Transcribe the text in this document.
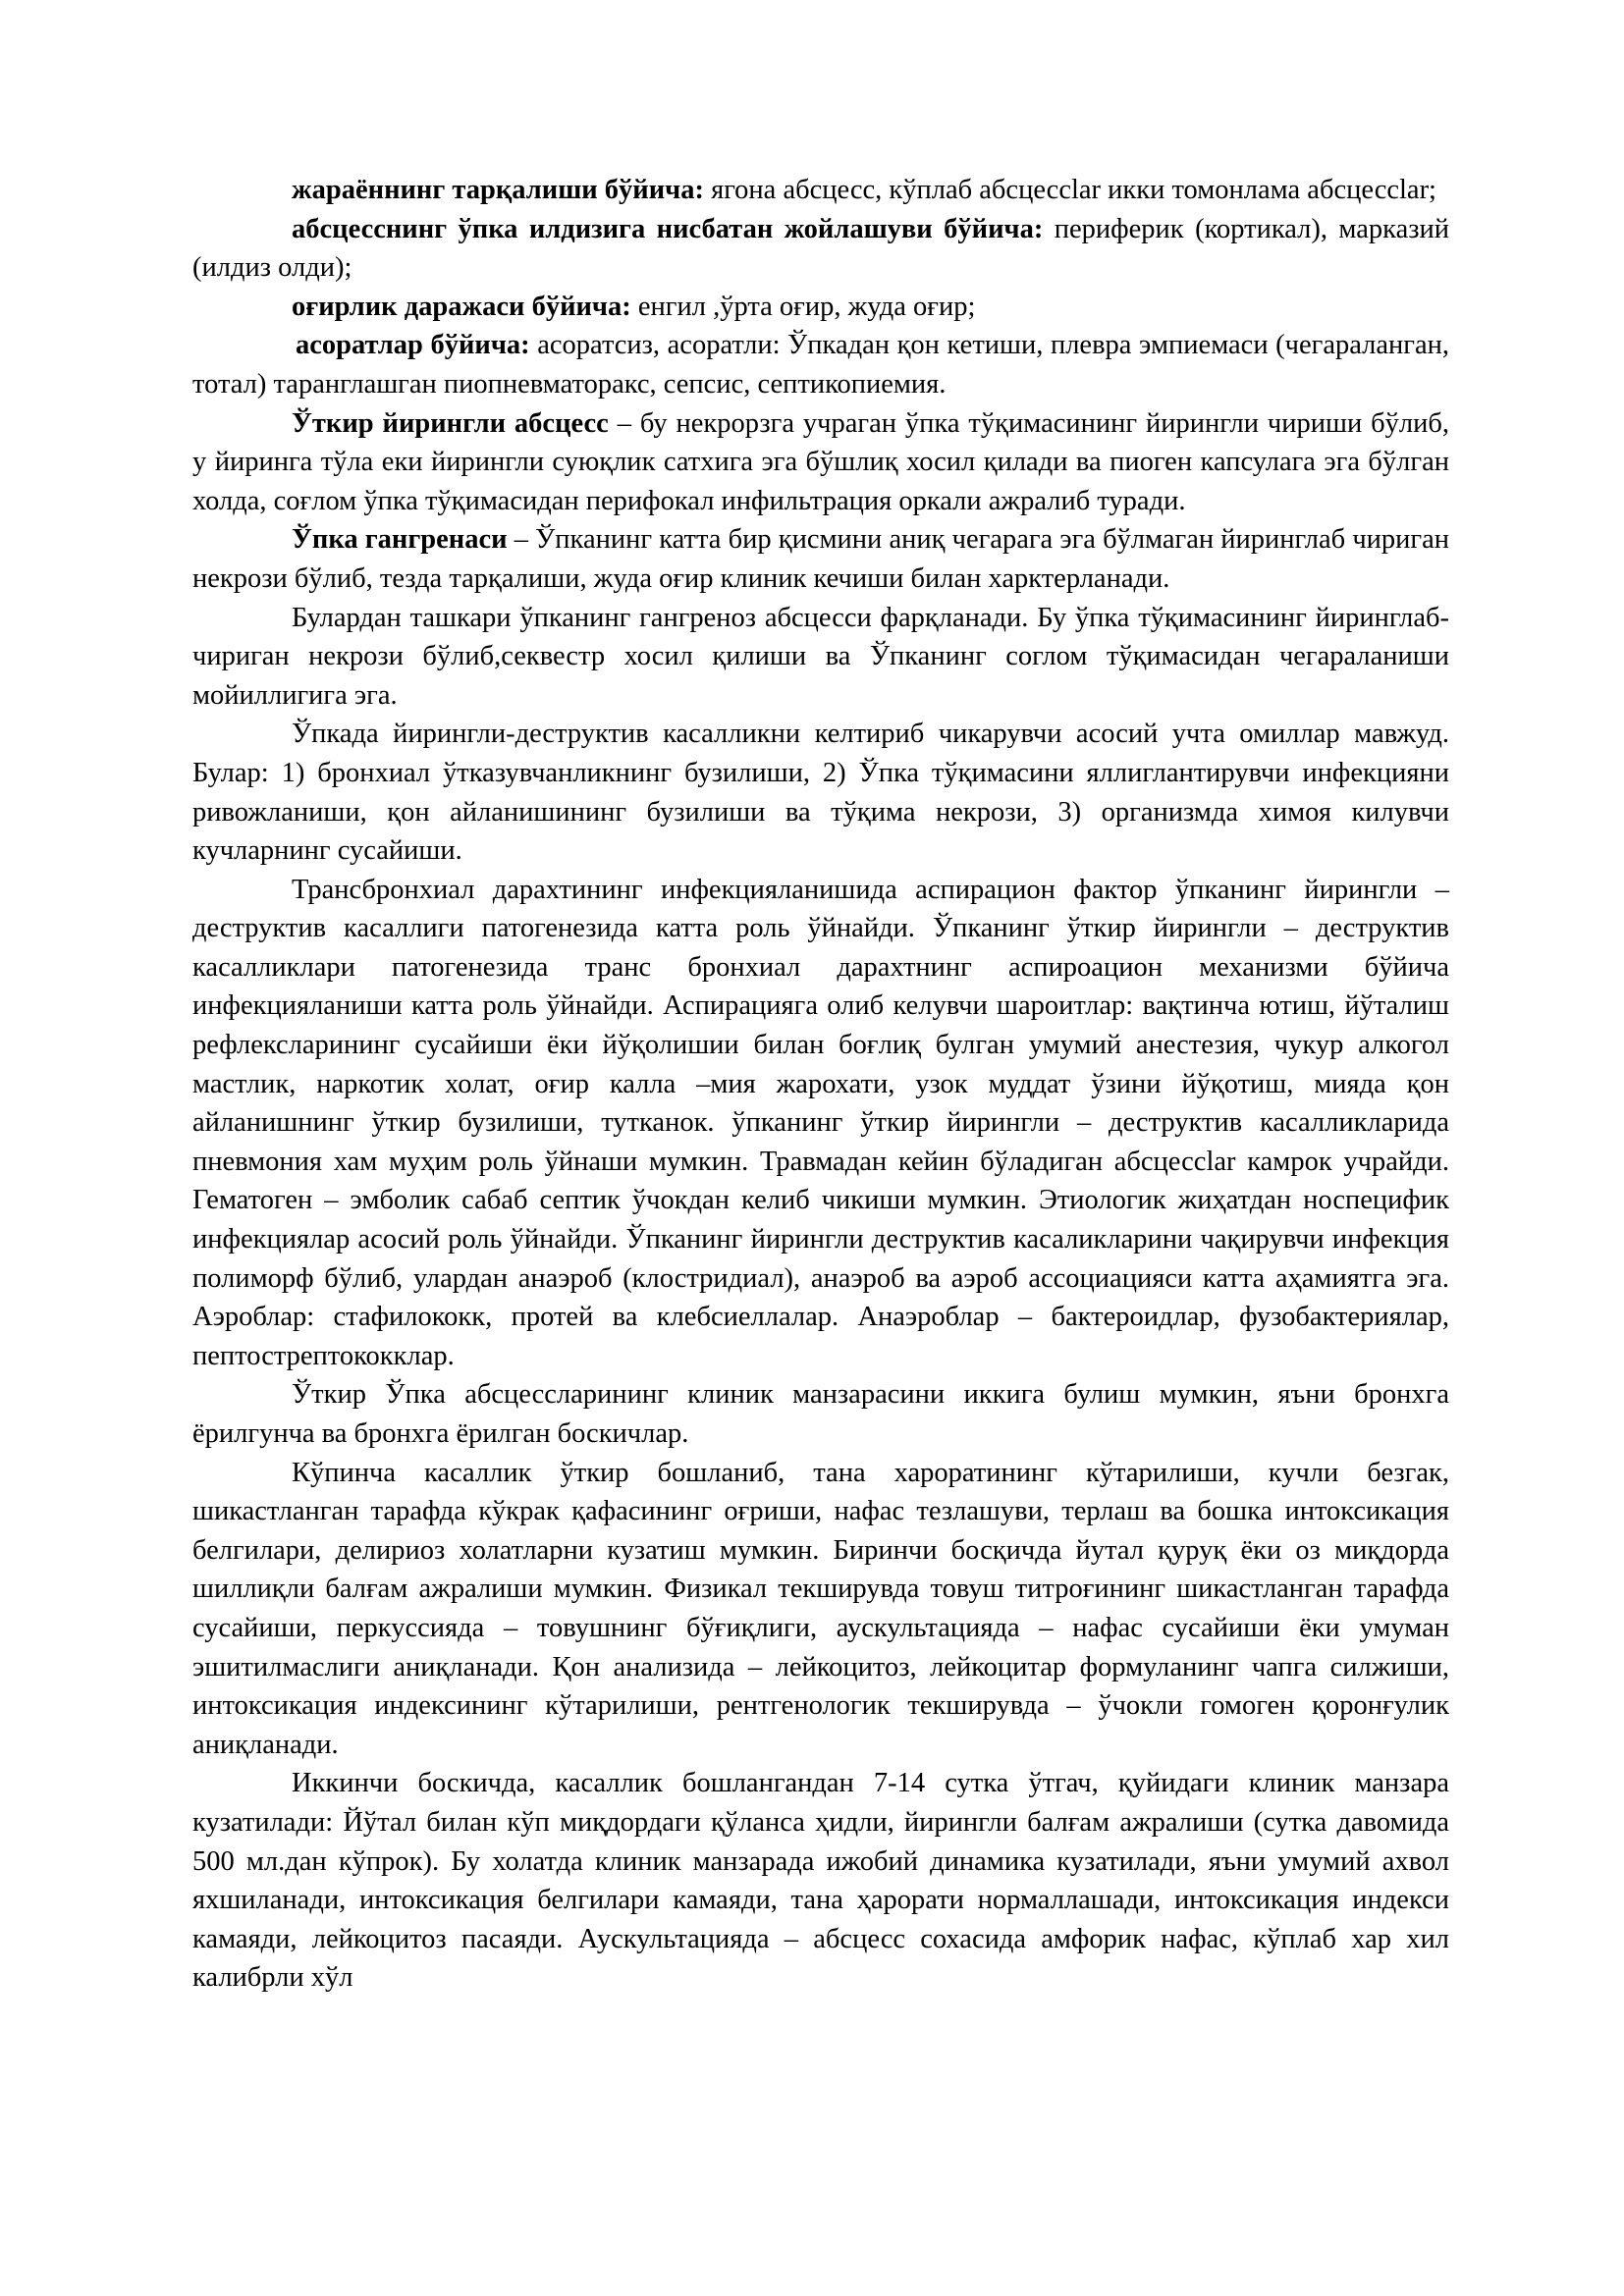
жараённинг тарқалиши бўйича: ягона абсцесс, кўплаб абсцессlar икки томонлама абсцессlar;

абсцесснинг ўпка илдизига нисбатан жойлашуви бўйича: периферик (кортикал), марказий (илдиз олди);

оғирлик даражаси бўйича: енгил ,ўрта оғир, жуда оғир;

асоратлар бўйича: асоратсиз, асоратли: Ўпкадан қон кетиши, плевра эмпиемаси (чегараланган, тотал) таранглашган пиопневматоракс, сепсис, септикопиемия.

Ўткир йирингли абсцесс – бу некрорзга учраган ўпка тўқимасининг йирингли чириши бўлиб, у йиринга тўла еки йирингли суюқлик сатхига эга бўшлиқ хосил қилади ва пиоген капсулага эга бўлган холда, соғлом ўпка тўқимасидан перифокал инфильтрация оркали ажралиб туради.

Ўпка гангренаси – Ўпканинг катта бир қисмини аниқ чегарага эга бўлмаган йиринглаб чириган некрози бўлиб, тезда тарқалиши, жуда оғир клиник кечиши билан харктерланади.

Булардан ташкари ўпканинг гангреноз абсцесси фарқланади. Бу ўпка тўқимасининг йиринглаб-чириган некрози бўлиб,секвестр хосил қилиши ва Ўпканинг соглом тўқимасидан чегараланиши мойиллигига эга.

Ўпкада йирингли-деструктив касалликни келтириб чикарувчи асосий учта омиллар мавжуд. Булар: 1) бронхиал ўтказувчанликнинг бузилиши, 2) Ўпка тўқимасини яллиглантирувчи инфекцияни ривожланиши, қон айланишининг бузилиши ва тўқима некрози, 3) организмда химоя килувчи кучларнинг сусайиши.

Трансбронхиал дарахтининг инфекцияланишида аспирацион фактор ўпканинг йирингли – деструктив касаллиги патогенезида катта роль ўйнайди. Ўпканинг ўткир йирингли – деструктив касалликлари патогенезида транс бронхиал дарахтнинг аспироацион механизми бўйича инфекцияланиши катта роль ўйнайди. Аспирацияга олиб келувчи шароитлар: вақтинча ютиш, йўталиш рефлексларининг сусайиши ёки йўқолишии билан боғлиқ булган умумий анестезия, чукур алкогол мастлик, наркотик холат, оғир калла –мия жарохати, узок муддат ўзини йўқотиш, мияда қон айланишнинг ўткир бузилиши, тутканок. ўпканинг ўткир йирингли – деструктив касалликларида пневмония хам муҳим роль ўйнаши мумкин. Травмадан кейин бўладиган абсцессlar камрок учрайди. Гематоген – эмболик сабаб септик ўчокдан келиб чикиши мумкин. Этиологик жиҳатдан носпецифик инфекциялар асосий роль ўйнайди. Ўпканинг йирингли деструктив касаликларини чақирувчи инфекция полиморф бўлиб, улардан анаэроб (клостридиал), анаэроб ва аэроб ассоциацияси катта аҳамиятга эга. Аэроблар: стафилококк, протей ва клебсиеллалар. Анаэроблар – бактероидлар, фузобактериялар, пептострептококклар.

Ўткир Ўпка абсцессларининг клиник манзарасини иккига булиш мумкин, яъни бронхга ёрилгунча ва бронхга ёрилган боскичлар.

Кўпинча касаллик ўткир бошланиб, тана хароратининг кўтарилиши, кучли безгак, шикастланган тарафда кўкрак қафасининг оғриши, нафас тезлашуви, терлаш ва бошка интоксикация белгилари, делириоз холатларни кузатиш мумкин. Биринчи босқичда йутал қуруқ ёки оз миқдорда шиллиқли балғам ажралиши мумкин. Физикал текширувда товуш титроғининг шикастланган тарафда сусайиши, перкуссияда – товушнинг бўғиқлиги, аускультацияда – нафас сусайиши ёки умуман эшитилмаслиги аниқланади. Қон анализида – лейкоцитоз, лейкоцитар формуланинг чапга силжиши, интоксикация индексининг кўтарилиши, рентгенологик текширувда – ўчокли гомоген қоронғулик аниқланади.

Иккинчи боскичда, касаллик бошлангандан 7-14 сутка ўтгач, қуйидаги клиник манзара кузатилади: Йўтал билан кўп миқдордаги қўланса ҳидли, йирингли балғам ажралиши (сутка давомида 500 мл.дан кўпрок). Бу холатда клиник манзарада ижобий динамика кузатилади, яъни умумий ахвол яхшиланади, интоксикация белгилари камаяди, тана ҳарорати нормаллашади, интоксикация индекси камаяди, лейкоцитоз пасаяди. Аускультацияда – абсцесс сохасида амфорик нафас, кўплаб хар хил калибрли хўл
